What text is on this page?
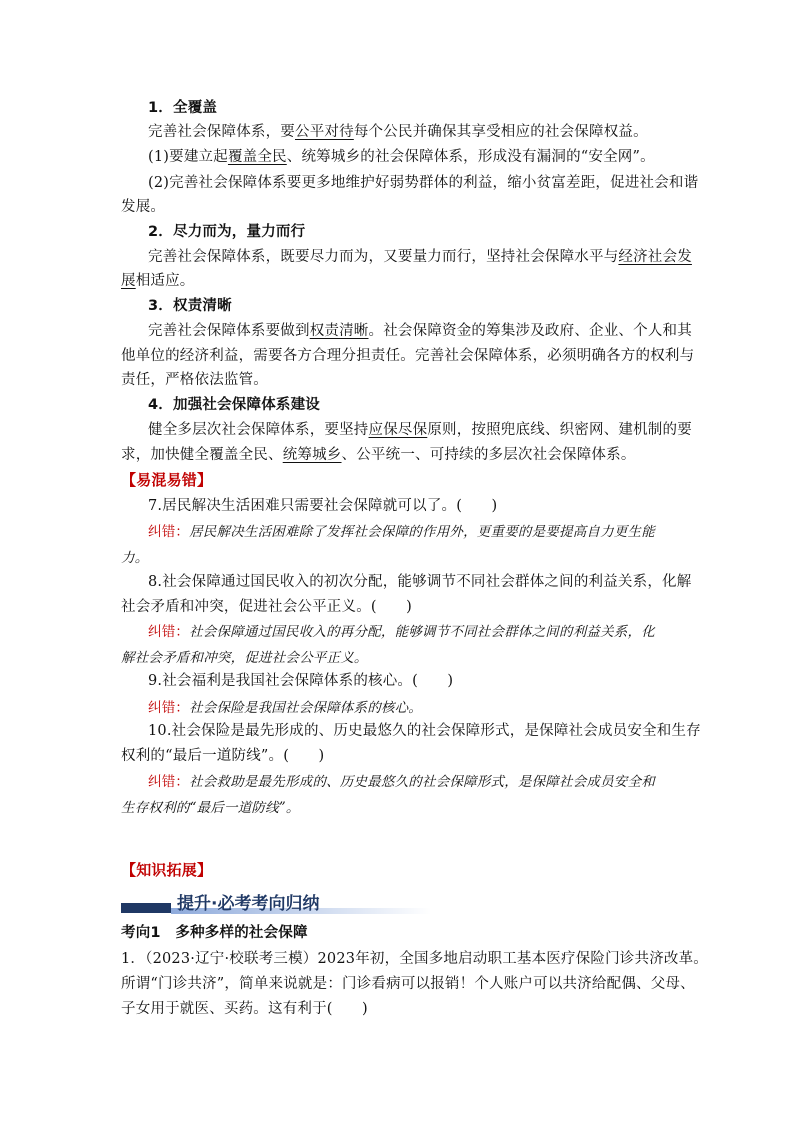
1．全覆盖
完善社会保障体系，要公平对待每个公民并确保其享受相应的社会保障权益。
(1)要建立起覆盖全民、统筹城乡的社会保障体系，形成没有漏洞的“安全网”。
(2)完善社会保障体系要更多地维护好弱势群体的利益，缩小贫富差距，促进社会和谐
发展。
2．尽力而为，量力而行
完善社会保障体系，既要尽力而为，又要量力而行，坚持社会保障水平与经济社会发
展相适应。
3．权责清晰
完善社会保障体系要做到权责清晰。社会保障资金的筹集涉及政府、企业、个人和其
他单位的经济利益，需要各方合理分担责任。完善社会保障体系，必须明确各方的权利与
责任，严格依法监管。
4．加强社会保障体系建设
健全多层次社会保障体系，要坚持应保尽保原则，按照兜底线、织密网、建机制的要
求，加快健全覆盖全民、统筹城乡、公平统一、可持续的多层次社会保障体系。
【易混易错】
7.居民解决生活困难只需要社会保障就可以了。(　　)
纠错：居民解决生活困难除了发挥社会保障的作用外，更重要的是要提高自力更生能
力。
8.社会保障通过国民收入的初次分配，能够调节不同社会群体之间的利益关系，化解
社会矛盾和冲突，促进社会公平正义。(　　)
纠错：社会保障通过国民收入的再分配，能够调节不同社会群体之间的利益关系，化
解社会矛盾和冲突，促进社会公平正义。
9.社会福利是我国社会保障体系的核心。(　　)
纠错：社会保险是我国社会保障体系的核心。
10.社会保险是最先形成的、历史最悠久的社会保障形式，是保障社会成员安全和生存
权利的“最后一道防线”。(　　)
纠错：社会救助是最先形成的、历史最悠久的社会保障形式，是保障社会成员安全和
生存权利的“最后一道防线”。
【知识拓展】
提升·必考考向归纳
考向1　多种多样的社会保障
1．（2023·辽宁·校联考三模）2023年初，全国多地启动职工基本医疗保险门诊共济改革。
所谓“门诊共济”，简单来说就是：门诊看病可以报销！个人账户可以共济给配偶、父母、
子女用于就医、买药。这有利于(　　)
